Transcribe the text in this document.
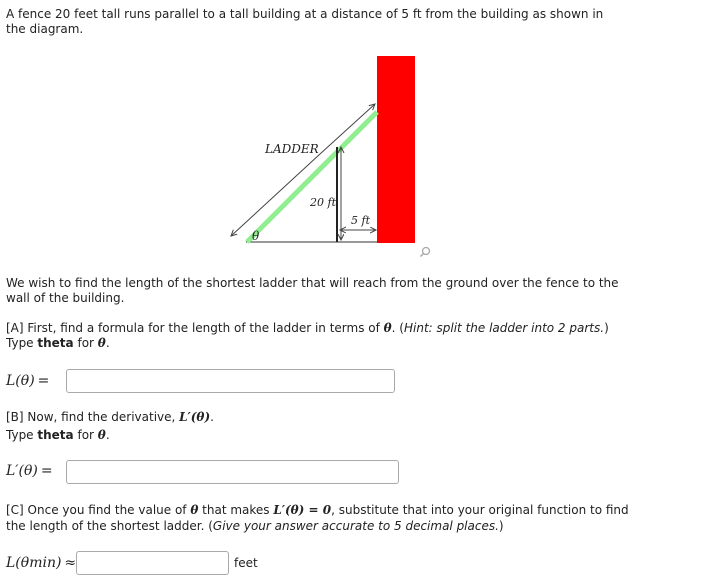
A fence 20 feet tall runs parallel to a tall building at a distance of 5 ft from the building as shown in the diagram.
LADDER
20 ft
5 ft
θ
We wish to find the length of the shortest ladder that will reach from the ground over the fence to the wall of the building.
[A] First, find a formula for the length of the ladder in terms of θ. (Hint: split the ladder into 2 parts.)
Type theta for θ.
L(θ) =
[B] Now, find the derivative, L′(θ).
Type theta for θ.
L′(θ) =
[C] Once you find the value of θ that makes L′(θ) = 0, substitute that into your original function to find
the length of the shortest ladder. (Give your answer accurate to 5 decimal places.)
L(θmin) ≈	feet
